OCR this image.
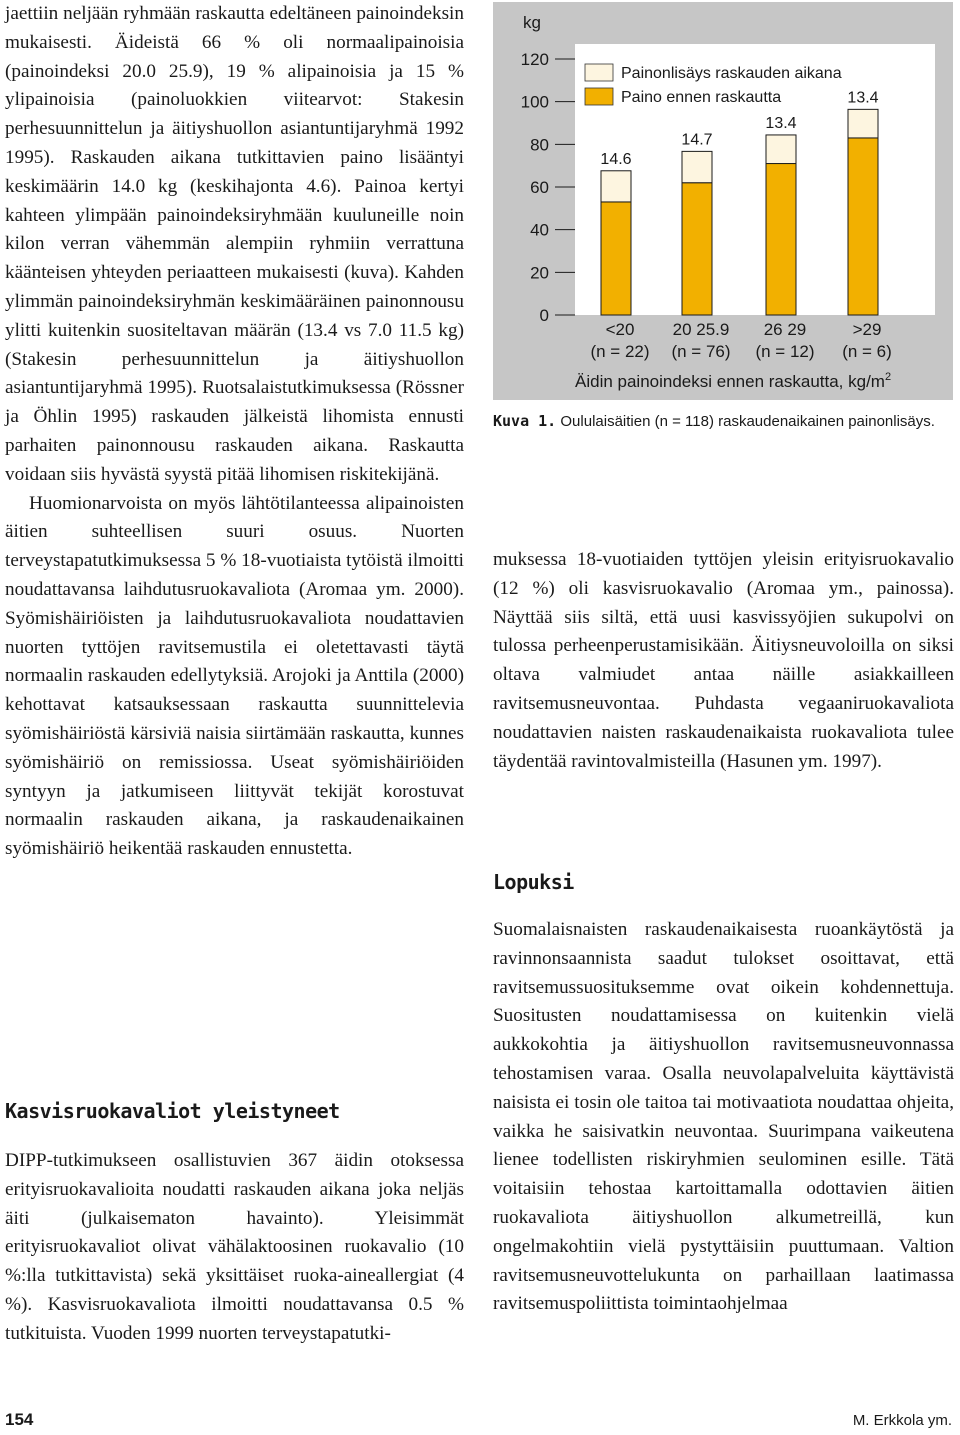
jaettiin neljään ryhmään raskautta edeltäneen painoindeksin mukaisesti. Äideistä 66 % oli normaalipainoisia (painoindeksi 20.0 25.9), 19 % alipainoisia ja 15 % ylipainoisia (painoluokkien viitearvot: Stakesin perhesuunnittelun ja äitiyshuollon asiantuntijaryhmä 1992 1995). Raskauden aikana tutkittavien paino lisääntyi keskimäärin 14.0 kg (keskihajonta 4.6). Painoa kertyi kahteen ylimpään painoindeksiryhmään kuuluneille noin kilon verran vähemmän alempiin ryhmiin verrattuna käänteisen yhteyden periaatteen mukaisesti (kuva). Kahden ylimmän painoindeksiryhmän keskimääräinen painonnousu ylitti kuitenkin suositeltavan määrän (13.4 vs 7.0 11.5 kg) (Stakesin perhesuunnittelun ja äitiyshuollon asiantuntijaryhmä 1995). Ruotsalaistutkimuksessa (Rössner ja Öhlin 1995) raskauden jälkeistä lihomista ennusti parhaiten painonnousu raskauden aikana. Raskautta voidaan siis hyvästä syystä pitää lihomisen riskitekijänä.

Huomionarvoista on myös lähtötilanteessa alipainoisten äitien suhteellisen suuri osuus. Nuorten terveystapatutkimuksessa 5 % 18-vuotiaista tytöistä ilmoitti noudattavansa laihdutusruokavaliota (Aromaa ym. 2000). Syömishäiriöisten ja laihdutusruokavaliota noudattavien nuorten tyttöjen ravitsemustila ei oletettavasti täytä normaalin raskauden edellytyksiä. Arojoki ja Anttila (2000) kehottavat katsauksessaan raskautta suunnittelevia syömishäiriöstä kärsiviä naisia siirtämään raskautta, kunnes syömishäiriö on remissiossa. Useat syömishäiriöiden syntyyn ja jatkumiseen liittyvät tekijät korostuvat normaalin raskauden aikana, ja raskaudenaikainen syömishäiriö heikentää raskauden ennustetta.

Kasvisruokavaliot yleistyneet

DIPP-tutkimukseen osallistuvien 367 äidin otoksessa erityisruokavalioita noudatti raskauden aikana joka neljäs äiti (julkaisematon havainto). Yleisimmät erityisruokavaliot olivat vähälaktoosinen ruokavalio (10 %:lla tutkittavista) sekä yksittäiset ruoka-aineallergiat (4 %). Kasvisruokavaliota ilmoitti noudattavansa 0.5 % tutkituista. Vuoden 1999 nuorten terveystapatutki-

muksessa 18-vuotiaiden tyttöjen yleisin erityisruokavalio (12 %) oli kasvisruokavalio (Aromaa ym., painossa). Näyttää siis siltä, että uusi kasvissyöjien sukupolvi on tulossa perheenperustamisikään. Äitiysneuvoloilla on siksi oltava valmiudet antaa näille asiakkailleen ravitsemusneuvontaa. Puhdasta vegaaniruokavaliota noudattavien naisten raskaudenaikaista ruokavaliota tulee täydentää ravintovalmisteilla (Hasunen ym. 1997).

Lopuksi

Suomalaisnaisten raskaudenaikaisesta ruoankäytöstä ja ravinnonsaannista saadut tulokset osoittavat, että ravitsemussuosituksemme ovat oikein kohdennettuja. Suositusten noudattamisessa on kuitenkin vielä aukkokohtia ja äitiyshuollon ravitsemusneuvonnassa tehostamisen varaa. Osalla neuvolapalveluita käyttävistä naisista ei tosin ole taitoa tai motivaatiota noudattaa ohjeita, vaikka he saisivatkin neuvontaa. Suurimpana vaikeutena lienee todellisten riskiryhmien seulominen esille. Tätä voitaisiin tehostaa kartoittamalla odottavien äitien ruokavaliota äitiyshuollon alkumetreillä, kun ongelmakohtiin vielä pystyttäisiin puuttumaan. Valtion ravitsemusneuvottelukunta on parhaillaan laatimassa ravitsemuspoliittista toimintaohjelmaa

kg
0
20
40
60
80
100
120
14.6
14.7
13.4
13.4
<20
(n = 22)
20 25.9
(n = 76)
26 29
(n = 12)
>29
(n = 6)
Painonlisäys raskauden aikana
Paino ennen raskautta
Äidin painoindeksi ennen raskautta, $kg/m^2$
Kuva 1. Oululaisäitien (n = 118) raskaudenaikainen painonlisäys.
154	M. Erkkola ym.
